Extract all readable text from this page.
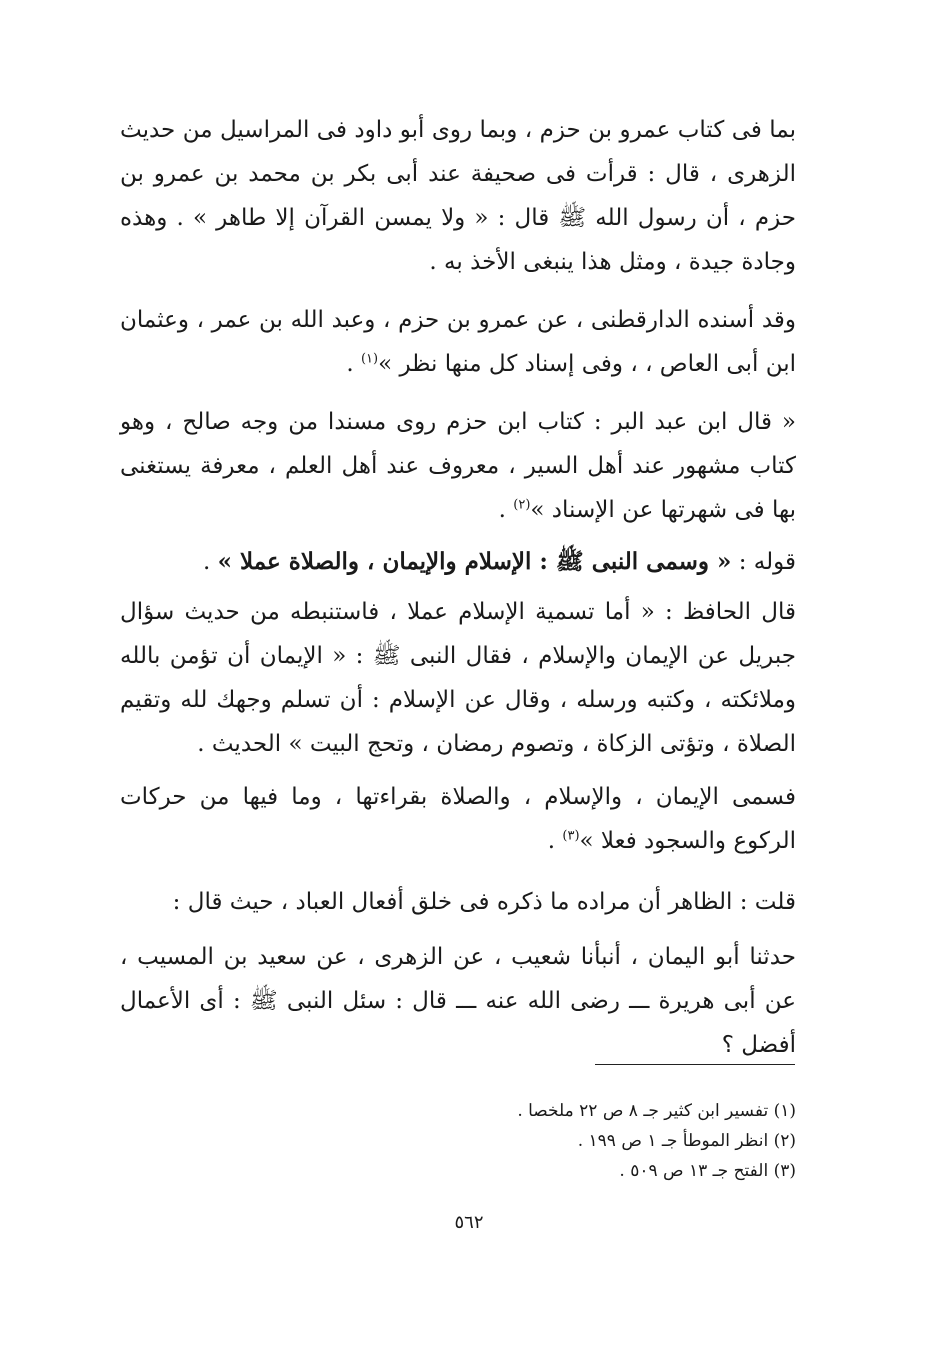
بما فى كتاب عمرو بن حزم ، وبما روى أبو داود فى المراسيل من حديث الزهرى ، قال : قرأت فى صحيفة عند أبى بكر بن محمد بن عمرو بن حزم ، أن رسول الله ﷺ قال : « ولا يمسن القرآن إلا طاهر » . وهذه وجادة جيدة ، ومثل هذا ينبغى الأخذ به .

وقد أسنده الدارقطنى ، عن عمرو بن حزم ، وعبد الله بن عمر ، وعثمان ابن أبى العاص ، ، وفى إسناد كل منها نظر »$^{(١)}$ .

« قال ابن عبد البر : كتاب ابن حزم روى مسندا من وجه صالح ، وهو كتاب مشهور عند أهل السير ، معروف عند أهل العلم ، معرفة يستغنى بها فى شهرتها عن الإسناد »$^{(٢)}$ .

قوله : « وسمى النبى ﷺ : الإسلام والإيمان ، والصلاة عملا » .

قال الحافظ : « أما تسمية الإسلام عملا ، فاستنبطه من حديث سؤال جبريل عن الإيمان والإسلام ، فقال النبى ﷺ : « الإيمان أن تؤمن بالله وملائكته ، وكتبه ورسله ، وقال عن الإسلام : أن تسلم وجهك لله وتقيم الصلاة ، وتؤتى الزكاة ، وتصوم رمضان ، وتحج البيت » الحديث .

فسمى الإيمان ، والإسلام ، والصلاة بقراءتها ، وما فيها من حركات الركوع والسجود فعلا »$^{(٣)}$ .

قلت : الظاهر أن مراده ما ذكره فى خلق أفعال العباد ، حيث قال :

حدثنا أبو اليمان ، أنبأنا شعيب ، عن الزهرى ، عن سعيد بن المسيب ، عن أبى هريرة ـــ رضى الله عنه ـــ قال : سئل النبى ﷺ : أى الأعمال أفضل ؟

(١) تفسير ابن كثير جـ ٨ ص ٢٢ ملخصا .

(٢) انظر الموطأ جـ ١ ص ١٩٩ .

(٣) الفتح جـ ١٣ ص ٥٠٩ .

٥٦٢
